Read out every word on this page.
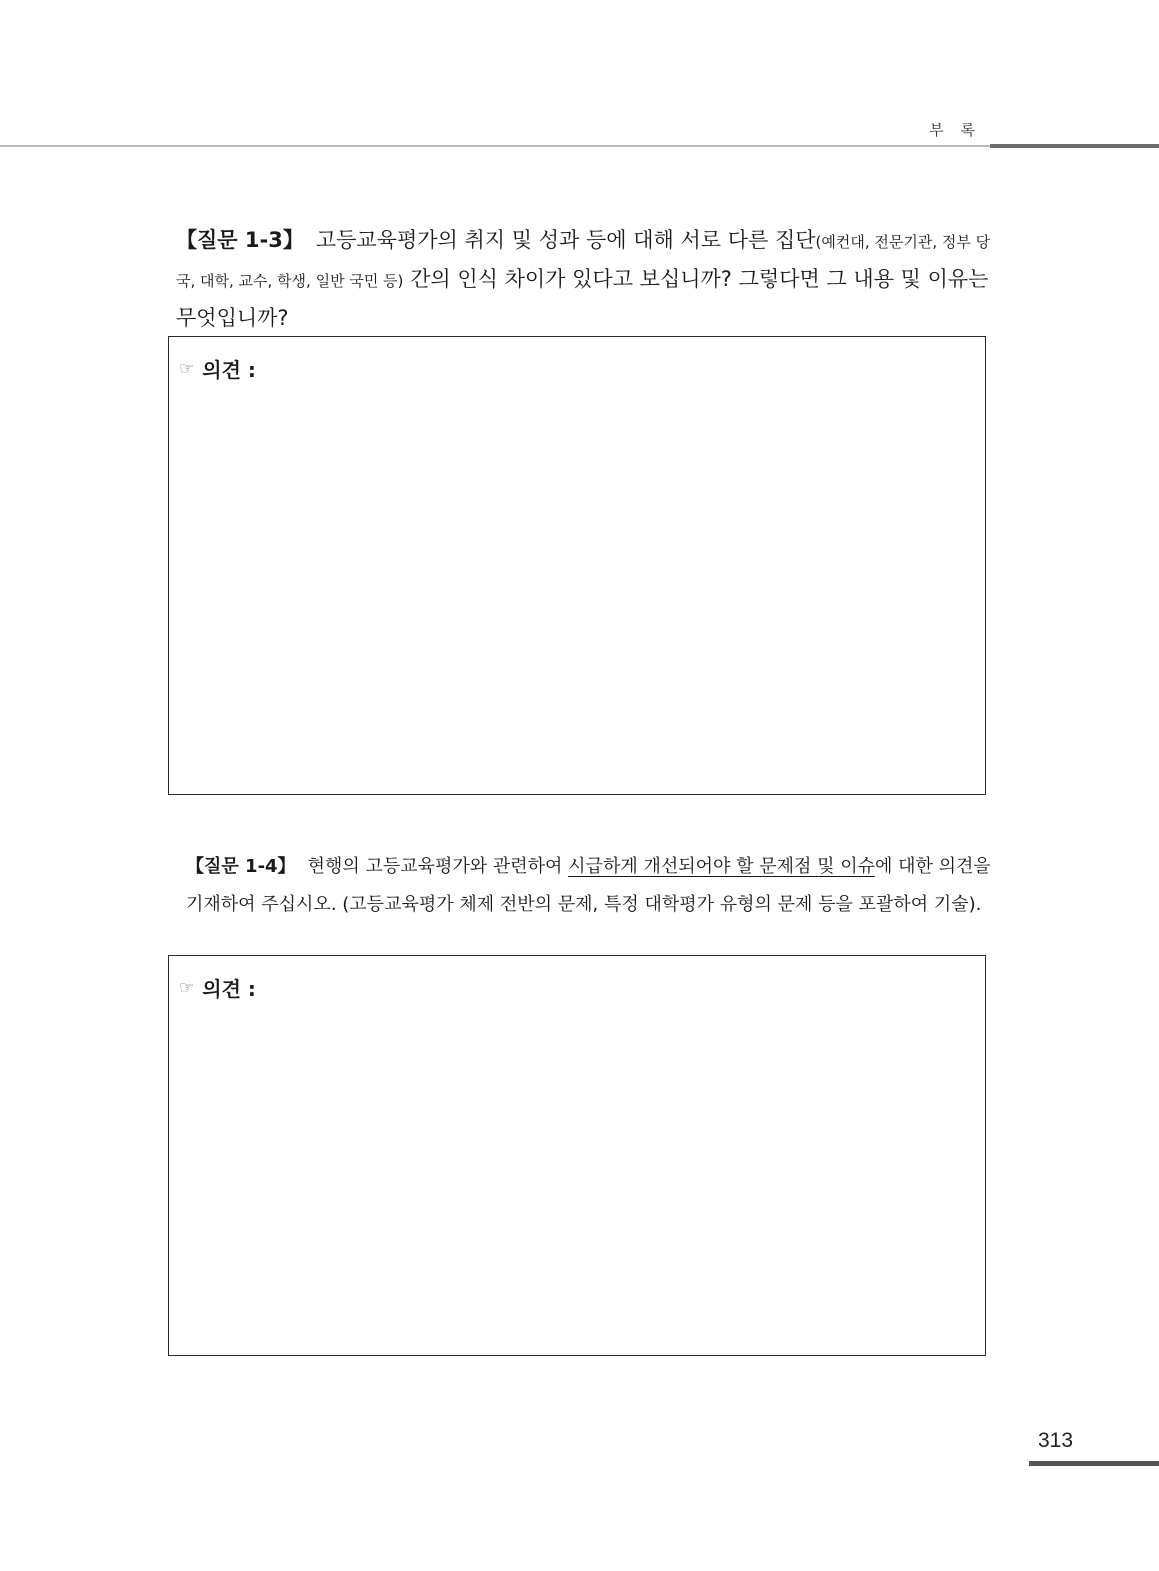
부 록
【질문 1-3】 고등교육평가의 취지 및 성과 등에 대해 서로 다른 집단(예컨대, 전문기관, 정부 당국, 대학, 교수, 학생, 일반 국민 등) 간의 인식 차이가 있다고 보십니까? 그렇다면 그 내용 및 이유는 무엇입니까?
☞ 의견 :
【질문 1-4】 현행의 고등교육평가와 관련하여 시급하게 개선되어야 할 문제점 및 이슈에 대한 의견을 기재하여 주십시오. (고등교육평가 체제 전반의 문제, 특정 대학평가 유형의 문제 등을 포괄하여 기술).
☞ 의견 :
313
